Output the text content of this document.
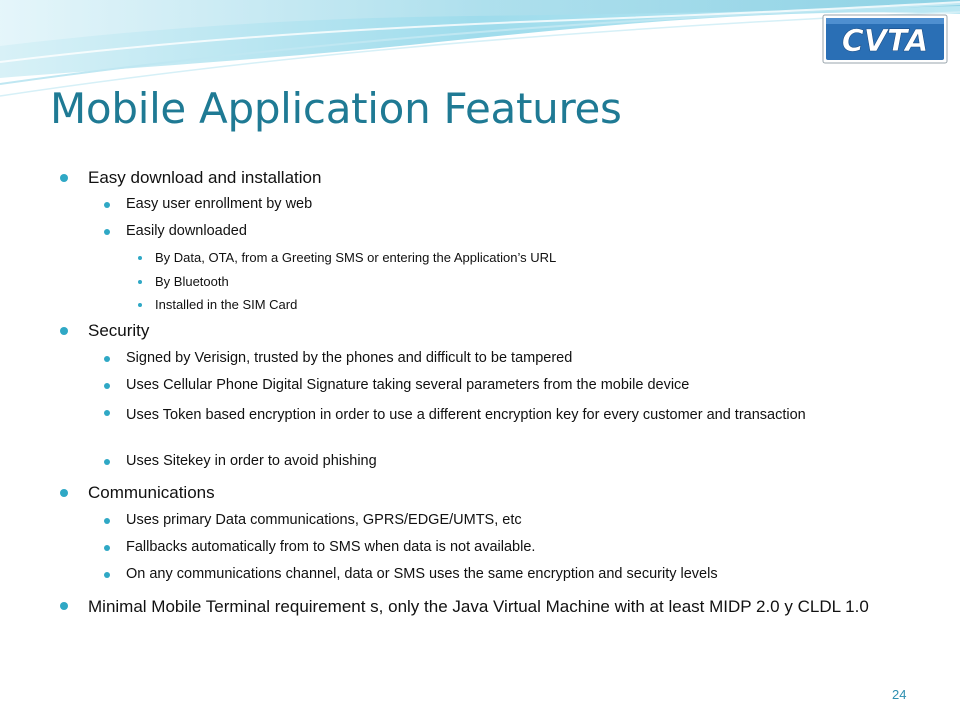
CVTA
Mobile Application Features
Easy download and installation
Easy user enrollment by web
Easily downloaded
By Data, OTA, from a Greeting SMS or entering the Application’s URL
By Bluetooth
Installed in the SIM Card
Security
Signed by Verisign, trusted by the phones and difficult to be tampered
Uses Cellular Phone Digital Signature taking several parameters from the mobile device
Uses Token based encryption in order to use a different encryption key for every customer and transaction
Uses Sitekey in order to avoid phishing
Communications
Uses primary Data communications, GPRS/EDGE/UMTS, etc
Fallbacks automatically from to SMS when data is not available.
On any communications channel, data or SMS uses the same encryption and security levels
Minimal Mobile Terminal requirement s, only the Java Virtual Machine with at least MIDP 2.0 y CLDL 1.0
24
